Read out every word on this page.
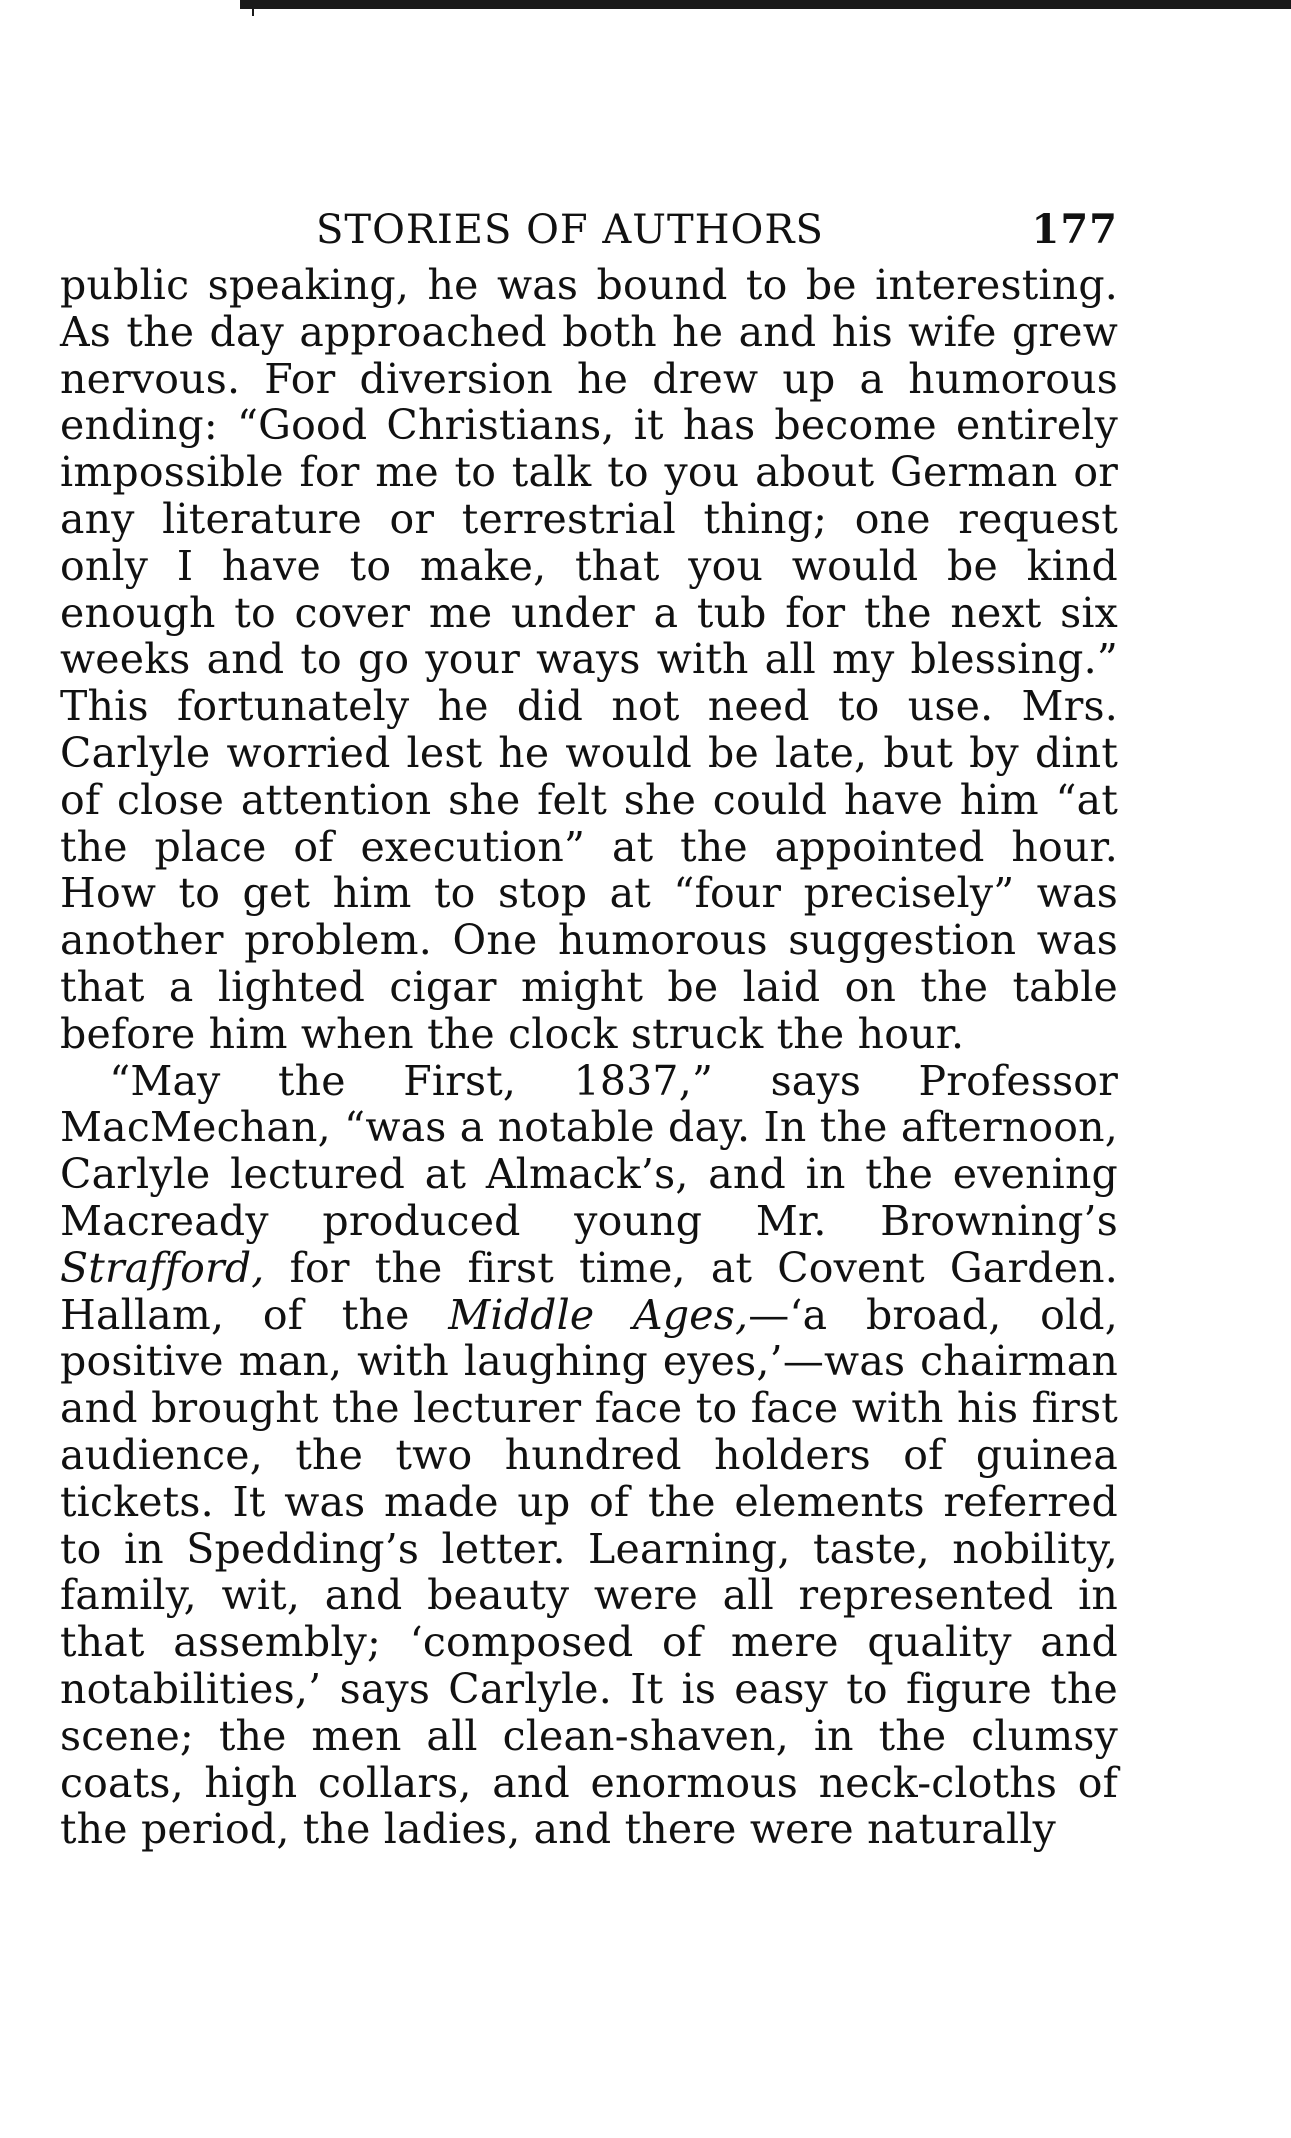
STORIES OF AUTHORS	177

public speaking, he was bound to be interesting. As the day approached both he and his wife grew nervous. For diversion he drew up a humorous ending: “Good Christians, it has become entirely impossible for me to talk to you about German or any literature or terrestrial thing; one request only I have to make, that you would be kind enough to cover me under a tub for the next six weeks and to go your ways with all my blessing.” This fortunately he did not need to use. Mrs. Carlyle worried lest he would be late, but by dint of close attention she felt she could have him “at the place of execution” at the appointed hour. How to get him to stop at “four precisely” was another problem. One humorous suggestion was that a lighted cigar might be laid on the table before him when the clock struck the hour.

“May the First, 1837,” says Professor MacMechan, “was a notable day. In the afternoon, Carlyle lectured at Almack’s, and in the evening Macready produced young Mr. Browning’s Strafford, for the first time, at Covent Garden. Hallam, of the Middle Ages,—‘a broad, old, positive man, with laughing eyes,’—was chairman and brought the lecturer face to face with his first audience, the two hundred holders of guinea tickets. It was made up of the elements referred to in Spedding’s letter. Learning, taste, nobility, family, wit, and beauty were all represented in that assembly; ‘composed of mere quality and notabilities,’ says Carlyle. It is easy to figure the scene; the men all clean-shaven, in the clumsy coats, high collars, and enormous neck-cloths of the period, the ladies, and there were naturally
